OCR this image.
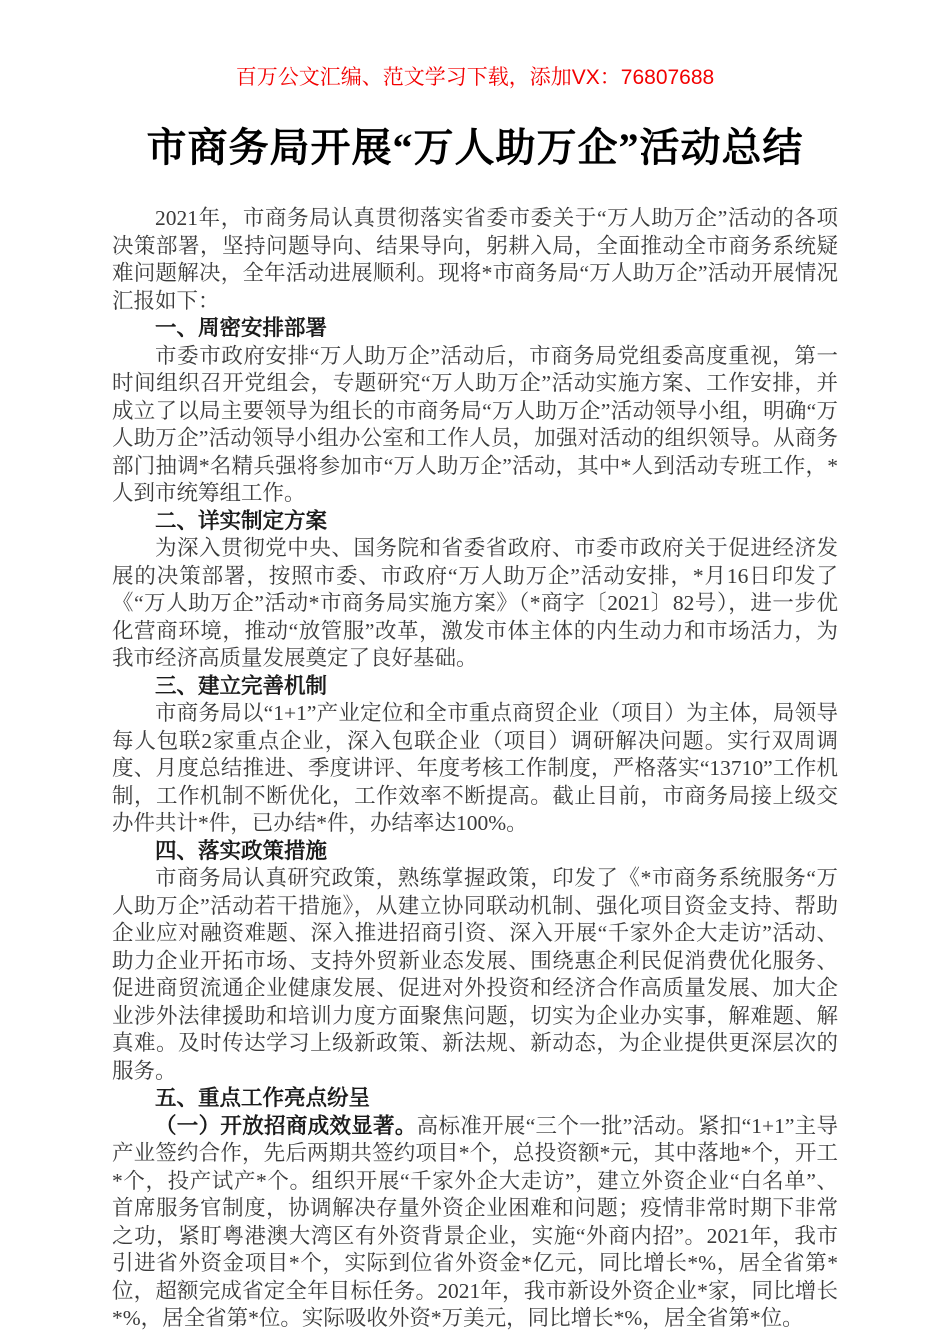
百万公文汇编、范文学习下载，添加VX：76807688
市商务局开展“万人助万企”活动总结

2021年，市商务局认真贯彻落实省委市委关于“万人助万企”活动的各项决策部署，坚持问题导向、结果导向，躬耕入局，全面推动全市商务系统疑难问题解决，全年活动进展顺利。现将*市商务局“万人助万企”活动开展情况汇报如下：

一、周密安排部署

市委市政府安排“万人助万企”活动后，市商务局党组委高度重视，第一时间组织召开党组会，专题研究“万人助万企”活动实施方案、工作安排，并成立了以局主要领导为组长的市商务局“万人助万企”活动领导小组，明确“万人助万企”活动领导小组办公室和工作人员，加强对活动的组织领导。从商务部门抽调*名精兵强将参加市“万人助万企”活动，其中*人到活动专班工作，*人到市统筹组工作。

二、详实制定方案

为深入贯彻党中央、国务院和省委省政府、市委市政府关于促进经济发展的决策部署，按照市委、市政府“万人助万企”活动安排，*月16日印发了《“万人助万企”活动*市商务局实施方案》（*商字〔2021〕82号），进一步优化营商环境，推动“放管服”改革，激发市体主体的内生动力和市场活力，为我市经济高质量发展奠定了良好基础。

三、建立完善机制

市商务局以“1+1”产业定位和全市重点商贸企业（项目）为主体，局领导每人包联2家重点企业，深入包联企业（项目）调研解决问题。实行双周调度、月度总结推进、季度讲评、年度考核工作制度，严格落实“13710”工作机制，工作机制不断优化，工作效率不断提高。截止目前，市商务局接上级交办件共计*件，已办结*件，办结率达100%。

四、落实政策措施

市商务局认真研究政策，熟练掌握政策，印发了《*市商务系统服务“万人助万企”活动若干措施》，从建立协同联动机制、强化项目资金支持、帮助企业应对融资难题、深入推进招商引资、深入开展“千家外企大走访”活动、助力企业开拓市场、支持外贸新业态发展、围绕惠企利民促消费优化服务、促进商贸流通企业健康发展、促进对外投资和经济合作高质量发展、加大企业涉外法律援助和培训力度方面聚焦问题，切实为企业办实事，解难题、解真难。及时传达学习上级新政策、新法规、新动态，为企业提供更深层次的服务。

五、重点工作亮点纷呈

（一）开放招商成效显著。高标准开展“三个一批”活动。紧扣“1+1”主导产业签约合作，先后两期共签约项目*个，总投资额*元，其中落地*个，开工*个，投产试产*个。组织开展“千家外企大走访”，建立外资企业“白名单”、首席服务官制度，协调解决存量外资企业困难和问题；疫情非常时期下非常之功，紧盯粤港澳大湾区有外资背景企业，实施“外商内招”。2021年，我市引进省外资金项目*个，实际到位省外资金*亿元，同比增长*%，居全省第*位，超额完成省定全年目标任务。2021年，我市新设外资企业*家，同比增长*%，居全省第*位。实际吸收外资*万美元，同比增长*%，居全省第*位。
